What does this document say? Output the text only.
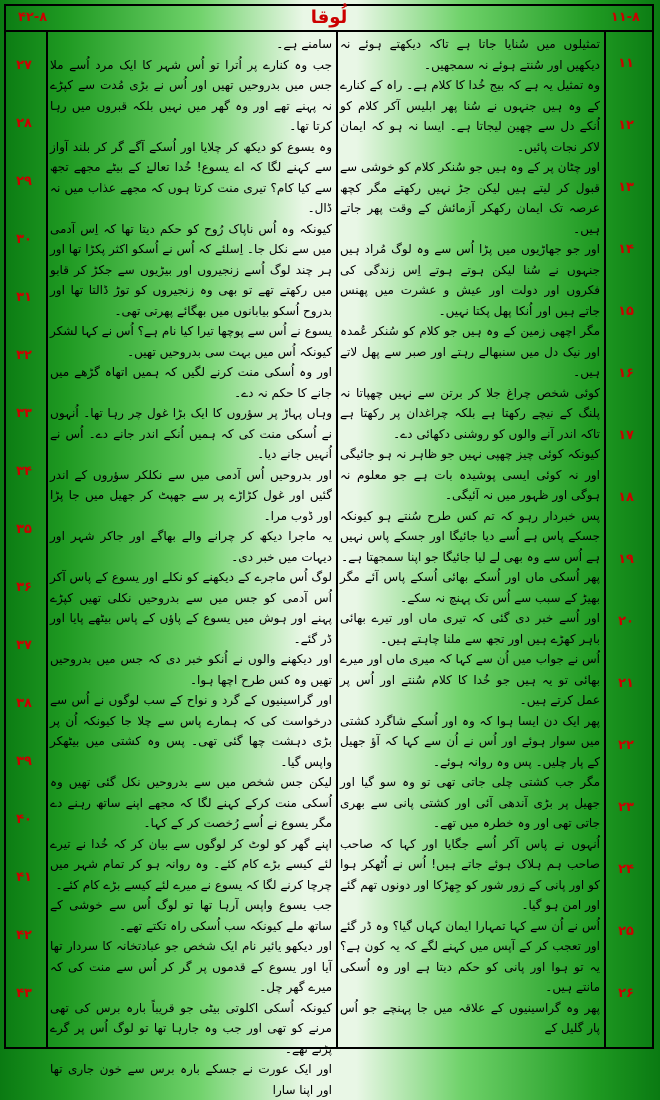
۴۲-۸	لُوقا	۱۱-۸
۲۷
۲۸
۲۹
۳۰
۳۱
۳۲
۳۳
۳۴
۳۵
۳۶
۳۷
۳۸
۳۹
۴۰
۴۱
۴۲
۴۳
۱۱
۱۲
۱۳
۱۴
۱۵
۱۶
۱۷
۱۸
۱۹
۲۰
۲۱
۲۲
۲۳
۲۴
۲۵
۲۶
سامنے ہے۔
جب وہ کنارے پر اُترا تو اُس شہر کا ایک مرد اُسے ملا جس میں بدروحیں تھیں اور اُس نے بڑی مُدت سے کپڑے نہ پہنے تھے اور وہ گھر میں نہیں بلکہ قبروں میں رہا کرتا تھا۔
وہ یسوع کو دیکھ کر چلایا اور اُسکے آگے گر کر بلند آواز سے کہنے لگا کہ اے یسوع! خُدا تعالےٰ کے بیٹے مجھے تجھ سے کیا کام؟ تیری منت کرتا ہوں کہ مجھے عذاب میں نہ ڈال۔
کیونکہ وہ اُس ناپاک رُوح کو حکم دیتا تھا کہ اِس آدمی میں سے نکل جا۔ اِسلئے کہ اُس نے اُسکو اکثر پکڑا تھا اور ہر چند لوگ اُسے زنجیروں اور بیڑیوں سے جکڑ کر قابو میں رکھتے تھے تو بھی وہ زنجیروں کو توڑ ڈالتا تھا اور بدروح اُسکو بیابانوں میں بھگائے پھرتی تھی۔
یسوع نے اُس سے پوچھا تیرا کیا نام ہے؟ اُس نے کہا لشکر کیونکہ اُس میں بہت سی بدروحیں تھیں۔
اور وہ اُسکی منت کرنے لگیں کہ ہمیں اتھاہ گڑھے میں جانے کا حکم نہ دے۔
وہاں پہاڑ پر سؤروں کا ایک بڑا غول چر رہا تھا۔ اُنہوں نے اُسکی منت کی کہ ہمیں اُنکے اندر جانے دے۔ اُس نے اُنہیں جانے دیا۔
اور بدروحیں اُس آدمی میں سے نکلکر سؤروں کے اندر گئیں اور غول کڑاڑے پر سے جھپٹ کر جھیل میں جا پڑا اور ڈوب مرا۔
یہ ماجرا دیکھ کر چرانے والے بھاگے اور جاکر شہر اور دیہات میں خبر دی۔
لوگ اُس ماجرے کے دیکھنے کو نکلے اور یسوع کے پاس آکر اُس آدمی کو جس میں سے بدروحیں نکلی تھیں کپڑے پہنے اور ہوش میں یسوع کے پاؤں کے پاس بیٹھے پایا اور ڈر گئے۔
اور دیکھنے والوں نے اُنکو خبر دی کہ جس میں بدروحیں تھیں وہ کس طرح اچھا ہوا۔
اور گراسینیوں کے گرد و نواح کے سب لوگوں نے اُس سے درخواست کی کہ ہمارے پاس سے چلا جا کیونکہ اُن پر بڑی دہشت چھا گئی تھی۔ پس وہ کشتی میں بیٹھکر واپس گیا۔
لیکن جس شخص میں سے بدروحیں نکل گئی تھیں وہ اُسکی منت کرکے کہنے لگا کہ مجھے اپنے ساتھ رہنے دے مگر یسوع نے اُسے رُخصت کر کے کہا۔
اپنے گھر کو لوٹ کر لوگوں سے بیان کر کہ خُدا نے تیرے لئے کیسے بڑے کام کئے۔ وہ روانہ ہو کر تمام شہر میں چرچا کرنے لگا کہ یسوع نے میرے لئے کیسے بڑے کام کئے۔
جب یسوع واپس آرہا تھا تو لوگ اُس سے خوشی کے ساتھ ملے کیونکہ سب اُسکی راہ تکتے تھے۔
اور دیکھو یائیر نام ایک شخص جو عبادتخانہ کا سردار تھا آیا اور یسوع کے قدموں پر گر کر اُس سے منت کی کہ میرے گھر چل۔
کیونکہ اُسکی اکلوتی بیٹی جو قریباً بارہ برس کی تھی مرنے کو تھی اور جب وہ جارہا تھا تو لوگ اُس پر گرے پڑتے تھے۔
اور ایک عورت نے جسکے بارہ برس سے خون جاری تھا اور اپنا سارا
تمثیلوں میں سُنایا جاتا ہے تاکہ دیکھتے ہوئے نہ دیکھیں اور سُنتے ہوئے نہ سمجھیں۔
وہ تمثیل یہ ہے کہ بیج خُدا کا کلام ہے۔ راہ کے کنارے کے وہ ہیں جنہوں نے سُنا پھر ابلیس آکر کلام کو اُنکے دل سے چھین لیجاتا ہے۔ ایسا نہ ہو کہ ایمان لاکر نجات پائیں۔
اور چٹان پر کے وہ ہیں جو سُنکر کلام کو خوشی سے قبول کر لیتے ہیں لیکن جڑ نہیں رکھتے مگر کچھ عرصہ تک ایمان رکھکر آزمائش کے وقت پھر جاتے ہیں۔
اور جو جھاڑیوں میں پڑا اُس سے وہ لوگ مُراد ہیں جنہوں نے سُنا لیکن ہوتے ہوتے اِس زندگی کی فکروں اور دولت اور عیش و عشرت میں پھنس جاتے ہیں اور اُنکا پھل پکتا نہیں۔
مگر اچھی زمین کے وہ ہیں جو کلام کو سُنکر عُمدہ اور نیک دل میں سنبھالے رہتے اور صبر سے پھل لاتے ہیں۔
کوئی شخص چراغ جلا کر برتن سے نہیں چھپاتا نہ پلنگ کے نیچے رکھتا ہے بلکہ چراغدان پر رکھتا ہے تاکہ اندر آنے والوں کو روشنی دکھائی دے۔
کیونکہ کوئی چیز چھپی نہیں جو ظاہر نہ ہو جائیگی اور نہ کوئی ایسی پوشیدہ بات ہے جو معلوم نہ ہوگی اور ظہور میں نہ آئیگی۔
پس خبردار رہو کہ تم کس طرح سُنتے ہو کیونکہ جسکے پاس ہے اُسے دیا جائیگا اور جسکے پاس نہیں ہے اُس سے وہ بھی لے لیا جائیگا جو اپنا سمجھتا ہے۔
پھر اُسکی ماں اور اُسکے بھائی اُسکے پاس آئے مگر بھیڑ کے سبب سے اُس تک پہنچ نہ سکے۔
اور اُسے خبر دی گئی کہ تیری ماں اور تیرے بھائی باہر کھڑے ہیں اور تجھ سے ملنا چاہتے ہیں۔
اُس نے جواب میں اُن سے کہا کہ میری ماں اور میرے بھائی تو یہ ہیں جو خُدا کا کلام سُنتے اور اُس پر عمل کرتے ہیں۔
پھر ایک دن ایسا ہوا کہ وہ اور اُسکے شاگرد کشتی میں سوار ہوئے اور اُس نے اُن سے کہا کہ آؤ جھیل کے پار چلیں۔ پس وہ روانہ ہوئے۔
مگر جب کشتی چلی جاتی تھی تو وہ سو گیا اور جھیل پر بڑی آندھی آئی اور کشتی پانی سے بھری جاتی تھی اور وہ خطرہ میں تھے۔
اُنہوں نے پاس آکر اُسے جگایا اور کہا کہ صاحب صاحب ہم ہلاک ہوئے جاتے ہیں! اُس نے اُٹھکر ہوا کو اور پانی کے زور شور کو جِھڑکا اور دونوں تھم گئے اور امن ہو گیا۔
اُس نے اُن سے کہا تمہارا ایمان کہاں گیا؟ وہ ڈر گئے اور تعجب کر کے آپس میں کہنے لگے کہ یہ کون ہے؟ یہ تو ہوا اور پانی کو حکم دیتا ہے اور وہ اُسکی مانتے ہیں۔
پھر وہ گراسینیوں کے علاقہ میں جا پہنچے جو اُس پار گلیل کے
